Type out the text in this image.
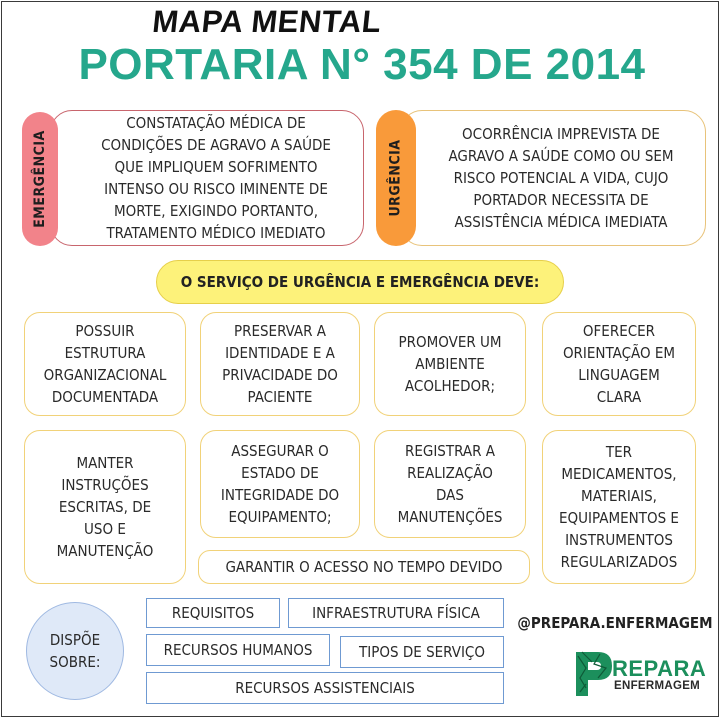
MAPA MENTAL
PORTARIA N° 354 DE 2014
CONSTATAÇÃO MÉDICA DE
CONDIÇÕES DE AGRAVO A SAÚDE
QUE IMPLIQUEM SOFRIMENTO
INTENSO OU RISCO IMINENTE DE
MORTE, EXIGINDO PORTANTO,
TRATAMENTO MÉDICO IMEDIATO
EMERGÊNCIA	OCORRÊNCIA IMPREVISTA DE
AGRAVO A SAÚDE COMO OU SEM
RISCO POTENCIAL A VIDA, CUJO
PORTADOR NECESSITA DE
ASSISTÊNCIA MÉDICA IMEDIATA
URGÊNCIA
O SERVIÇO DE URGÊNCIA E EMERGÊNCIA DEVE:
POSSUIR
ESTRUTURA
ORGANIZACIONAL
DOCUMENTADA
PRESERVAR A
IDENTIDADE E A
PRIVACIDADE DO
PACIENTE
PROMOVER UM
AMBIENTE
ACOLHEDOR;
OFERECER
ORIENTAÇÃO EM
LINGUAGEM
CLARA
MANTER
INSTRUÇÕES
ESCRITAS, DE
USO E
MANUTENÇÃO
ASSEGURAR O
ESTADO DE
INTEGRIDADE DO
EQUIPAMENTO;
REGISTRAR A
REALIZAÇÃO
DAS
MANUTENÇÕES
TER
MEDICAMENTOS,
MATERIAIS,
EQUIPAMENTOS E
INSTRUMENTOS
REGULARIZADOS
GARANTIR O ACESSO NO TEMPO DEVIDO
DISPÕE
SOBRE:
REQUISITOS	INFRAESTRUTURA FÍSICA
RECURSOS HUMANOS	TIPOS DE SERVIÇO
RECURSOS ASSISTENCIAIS
@PREPARA.ENFERMAGEM
REPARA
ENFERMAGEM
